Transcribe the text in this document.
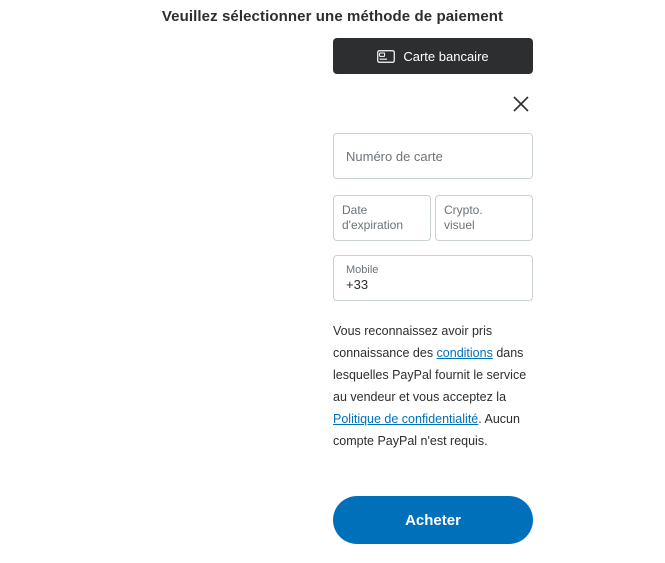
Veuillez sélectionner une méthode de paiement
Carte bancaire
Numéro de carte
Date
d'expiration
Crypto.
visuel
Mobile
+33
Vous reconnaissez avoir pris connaissance des conditions dans lesquelles PayPal fournit le service au vendeur et vous acceptez la Politique de confidentialité. Aucun compte PayPal n'est requis.
Acheter
